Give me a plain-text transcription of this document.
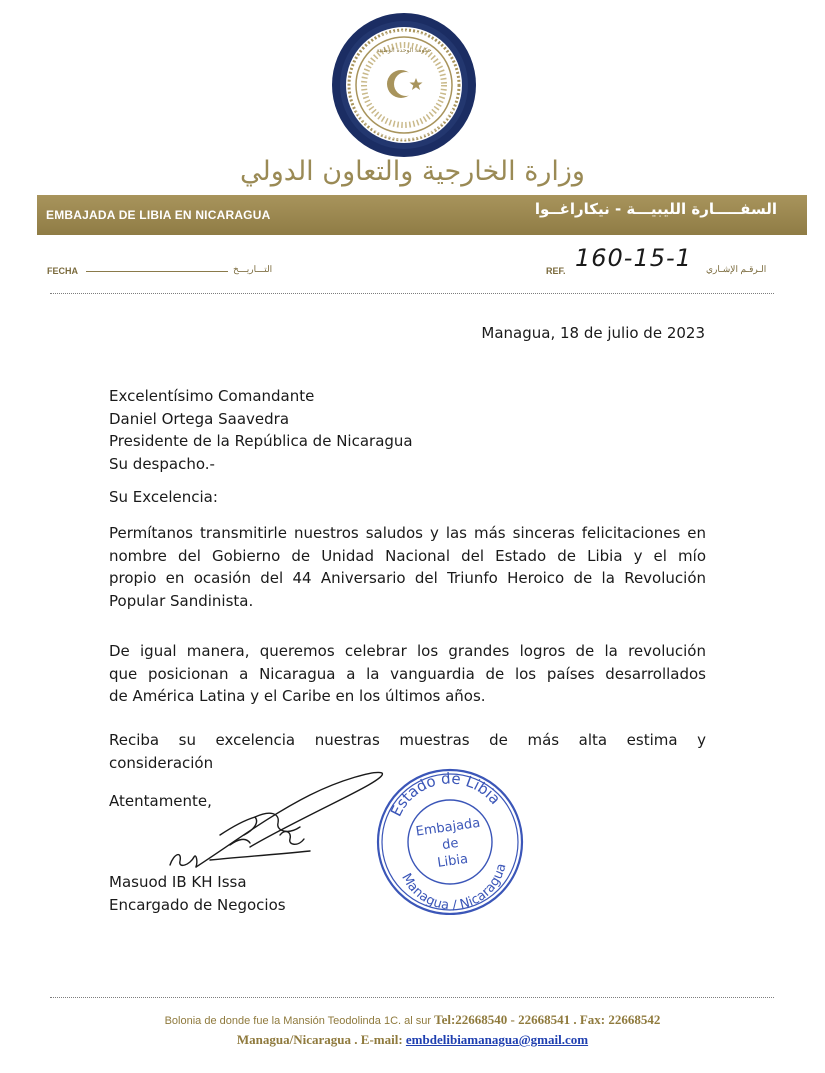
STATE OF LIBYA
MINISTRY OF FOREIGN AFFAIRS AND INTERNATIONAL COOPERATION
حكومة الوحدة الوطنية
وزارة الخارجية والتعاون الدولي
EMBAJADA DE LIBIA EN NICARAGUA	السفـــــارة الليبيـــة - نيكاراغــوا
FECHA	التـــاريـــخ	REF. 160-15-1 الـرقـم الإشـاري
Managua, 18 de julio de 2023
Excelentísimo Comandante
Daniel Ortega Saavedra
Presidente de la República de Nicaragua
Su despacho.-
Su Excelencia:
Permítanos transmitirle nuestros saludos y las más sinceras felicitaciones en
nombre del Gobierno de Unidad Nacional del Estado de Libia y el mío
propio en ocasión del 44 Aniversario del Triunfo Heroico de la Revolución
Popular Sandinista.
De igual manera, queremos celebrar los grandes logros de la revolución
que posicionan a Nicaragua a la vanguardia de los países desarrollados
de América Latina y el Caribe en los últimos años.
Reciba su excelencia nuestras muestras de más alta estima y
consideración
Atentamente,
Masuod IB KH Issa
Encargado de Negocios
Estado de Libia
Managua / Nicaragua
Embajada
de
Libia
Bolonia de donde fue la Mansión Teodolinda 1C. al sur Tel:22668540 - 22668541 . Fax: 22668542
Managua/Nicaragua . E-mail: embdelibiamanagua@gmail.com
